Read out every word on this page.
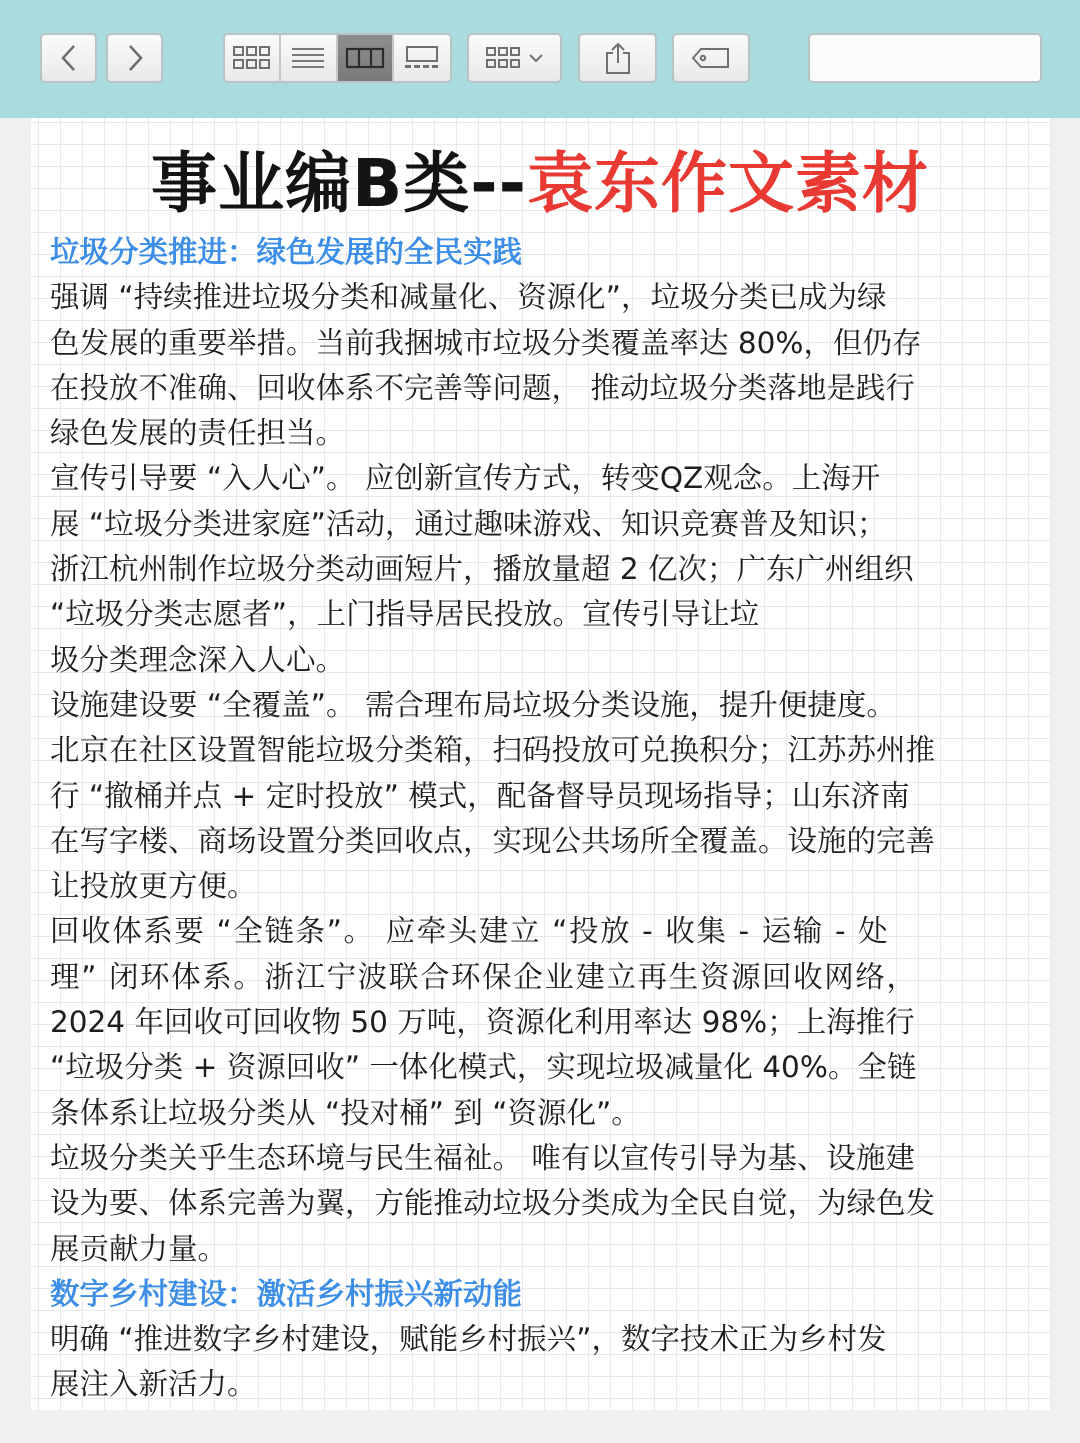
事业编B类--袁东作文素材

垃圾分类推进：绿色发展的全民实践

强调 “持续推进垃圾分类和减量化、资源化”，垃圾分类已成为绿

色发展的重要举措。当前我捆城市垃圾分类覆盖率达 80%，但仍存

在投放不准确、回收体系不完善等问题， 推动垃圾分类落地是践行

绿色发展的责任担当。

宣传引导要 “入人心”。 应创新宣传方式，转变QZ观念。上海开

展 “垃圾分类进家庭”活动，通过趣味游戏、知识竞赛普及知识；

浙江杭州制作垃圾分类动画短片，播放量超 2 亿次；广东广州组织

“垃圾分类志愿者”，上门指导居民投放。宣传引导让垃

圾分类理念深入人心。

设施建设要 “全覆盖”。 需合理布局垃圾分类设施，提升便捷度。

北京在社区设置智能垃圾分类箱，扫码投放可兑换积分；江苏苏州推

行 “撤桶并点 + 定时投放” 模式，配备督导员现场指导；山东济南

在写字楼、商场设置分类回收点，实现公共场所全覆盖。设施的完善

让投放更方便。

回收体系要 “全链条”。 应牵头建立 “投放 - 收集 - 运输 - 处

理” 闭环体系。浙江宁波联合环保企业建立再生资源回收网络，

2024 年回收可回收物 50 万吨，资源化利用率达 98%；上海推行

“垃圾分类 + 资源回收” 一体化模式，实现垃圾减量化 40%。全链

条体系让垃圾分类从 “投对桶” 到 “资源化”。

垃圾分类关乎生态环境与民生福祉。 唯有以宣传引导为基、设施建

设为要、体系完善为翼，方能推动垃圾分类成为全民自觉，为绿色发

展贡献力量。

数字乡村建设：激活乡村振兴新动能

明确 “推进数字乡村建设，赋能乡村振兴”，数字技术正为乡村发

展注入新活力。
